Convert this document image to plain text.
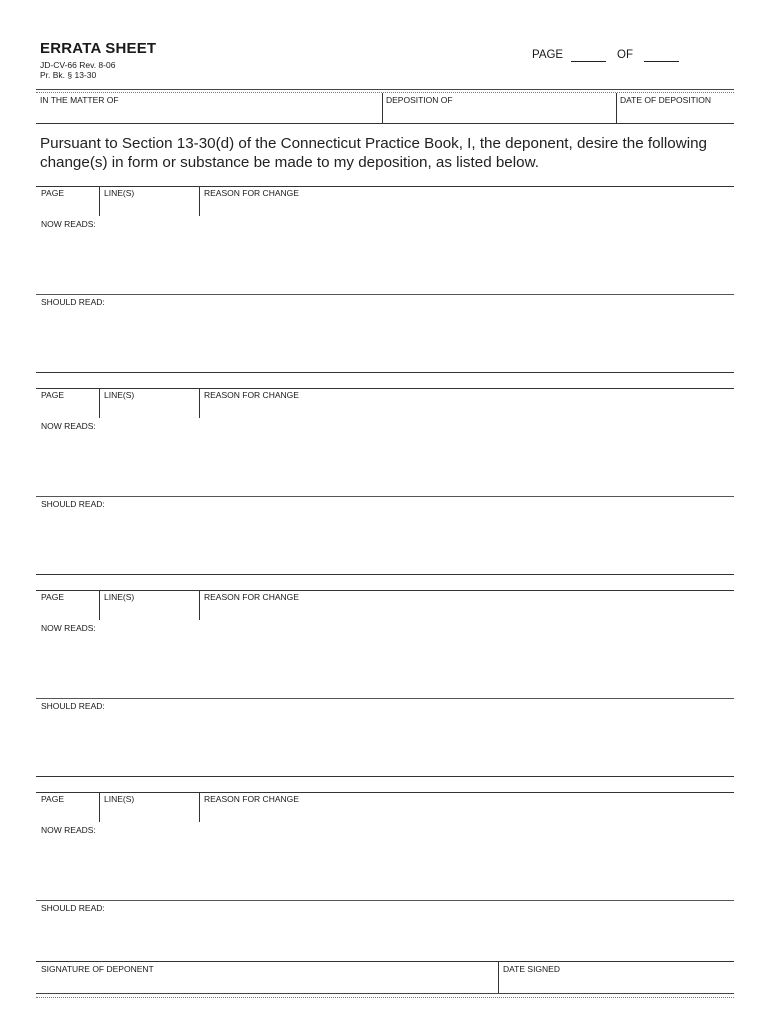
ERRATA SHEET
JD-CV-66 Rev. 8-06
Pr. Bk. § 13-30
PAGE	OF
IN THE MATTER OF	DEPOSITION OF	DATE OF DEPOSITION
Pursuant to Section 13-30(d) of the Connecticut Practice Book, I, the deponent, desire the following change(s) in form or substance be made to my deposition, as listed below.
PAGE	LINE(S)	REASON FOR CHANGE
NOW READS:
SHOULD READ:
PAGE	LINE(S)	REASON FOR CHANGE
NOW READS:
SHOULD READ:
PAGE	LINE(S)	REASON FOR CHANGE
NOW READS:
SHOULD READ:
PAGE	LINE(S)	REASON FOR CHANGE
NOW READS:
SHOULD READ:
SIGNATURE OF DEPONENT	DATE SIGNED
